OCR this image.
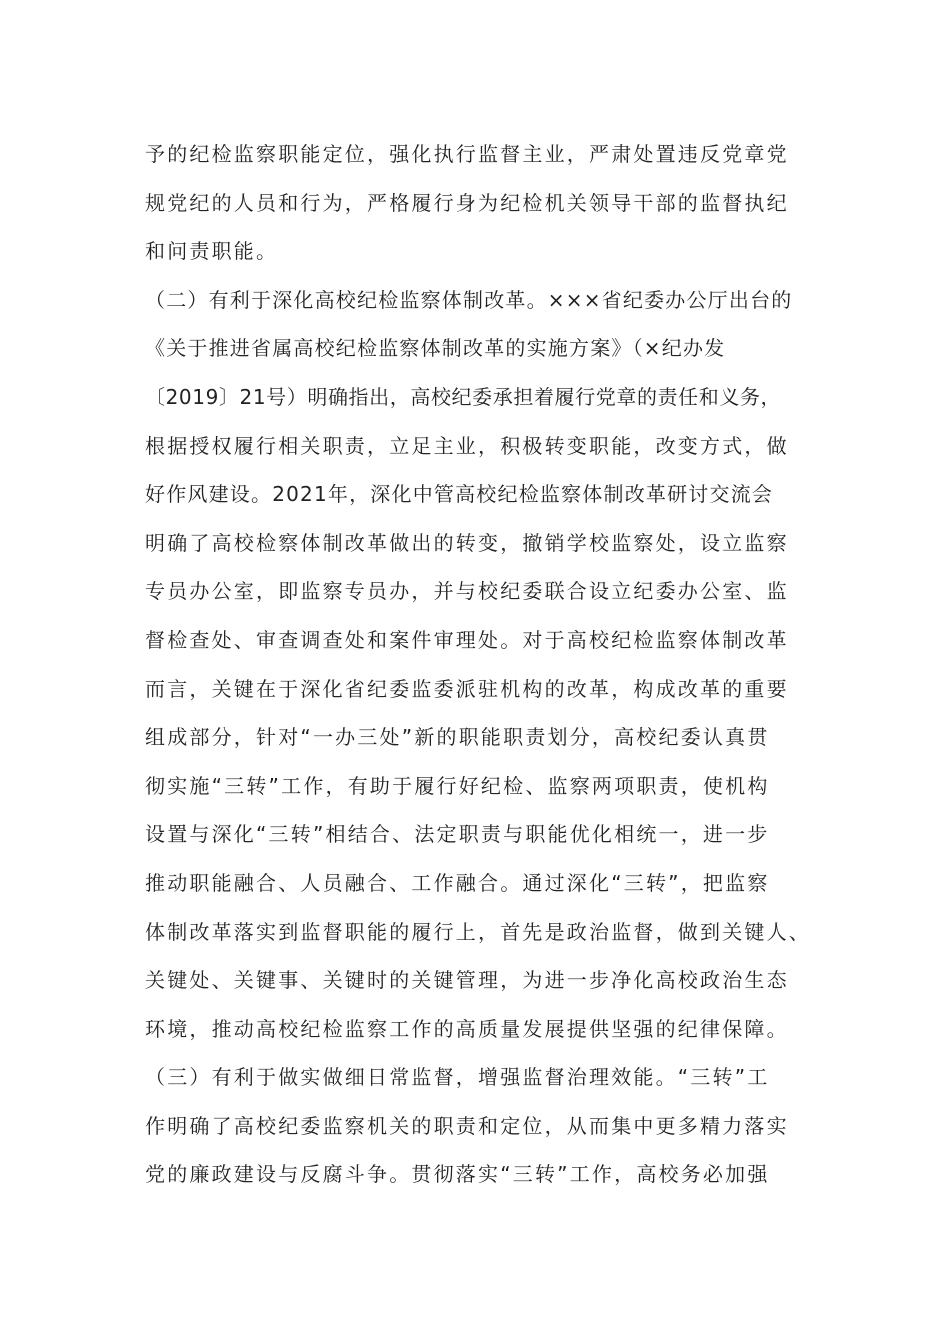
予的纪检监察职能定位，强化执行监督主业，严肃处置违反党章党
规党纪的人员和行为，严格履行身为纪检机关领导干部的监督执纪
和问责职能。
（二）有利于深化高校纪检监察体制改革。×××省纪委办公厅出台的
《关于推进省属高校纪检监察体制改革的实施方案》（×纪办发
〔2019〕21号）明确指出，高校纪委承担着履行党章的责任和义务，
根据授权履行相关职责，立足主业，积极转变职能，改变方式，做
好作风建设。2021年，深化中管高校纪检监察体制改革研讨交流会
明确了高校检察体制改革做出的转变，撤销学校监察处，设立监察
专员办公室，即监察专员办，并与校纪委联合设立纪委办公室、监
督检查处、审查调查处和案件审理处。对于高校纪检监察体制改革
而言，关键在于深化省纪委监委派驻机构的改革，构成改革的重要
组成部分，针对“一办三处”新的职能职责划分，高校纪委认真贯
彻实施“三转”工作，有助于履行好纪检、监察两项职责，使机构
设置与深化“三转”相结合、法定职责与职能优化相统一，进一步
推动职能融合、人员融合、工作融合。通过深化“三转”，把监察
体制改革落实到监督职能的履行上，首先是政治监督，做到关键人、
关键处、关键事、关键时的关键管理，为进一步净化高校政治生态
环境，推动高校纪检监察工作的高质量发展提供坚强的纪律保障。
（三）有利于做实做细日常监督，增强监督治理效能。“三转”工
作明确了高校纪委监察机关的职责和定位，从而集中更多精力落实
党的廉政建设与反腐斗争。贯彻落实“三转”工作，高校务必加强
